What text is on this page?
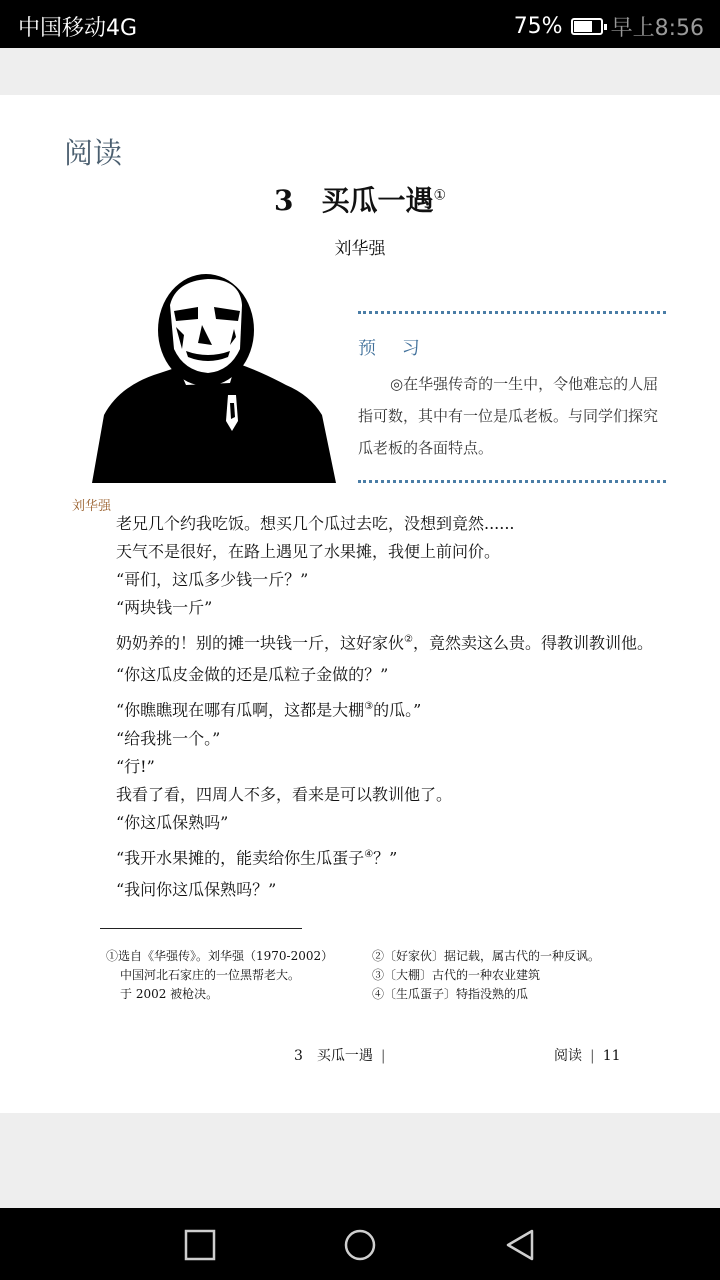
中国移动4G	75% 早上8:56
阅读
3 买瓜一遇①
刘华强
刘华强
预 习
◎在华强传奇的一生中，令他难忘的人屈指可数，其中有一位是瓜老板。与同学们探究瓜老板的各面特点。

老兄几个约我吃饭。想买几个瓜过去吃，没想到竟然......

天气不是很好，在路上遇见了水果摊，我便上前问价。

“哥们，这瓜多少钱一斤？”

“两块钱一斤”

奶奶养的！别的摊一块钱一斤，这好家伙②，竟然卖这么贵。得教训教训他。

“你这瓜皮金做的还是瓜粒子金做的？”

“你瞧瞧现在哪有瓜啊，这都是大棚③的瓜。”

“给我挑一个。”

“行!”

我看了看，四周人不多，看来是可以教训他了。

“你这瓜保熟吗”

“我开水果摊的，能卖给你生瓜蛋子④？”

“我问你这瓜保熟吗？”

①选自《华强传》。刘华强（1970-2002）
中国河北石家庄的一位黑帮老大。
于 2002 被枪决。
②〔好家伙〕据记载，属古代的一种反讽。
③〔大棚〕古代的一种农业建筑
④〔生瓜蛋子〕特指没熟的瓜
3　买瓜一遇 |	阅读 | 11
